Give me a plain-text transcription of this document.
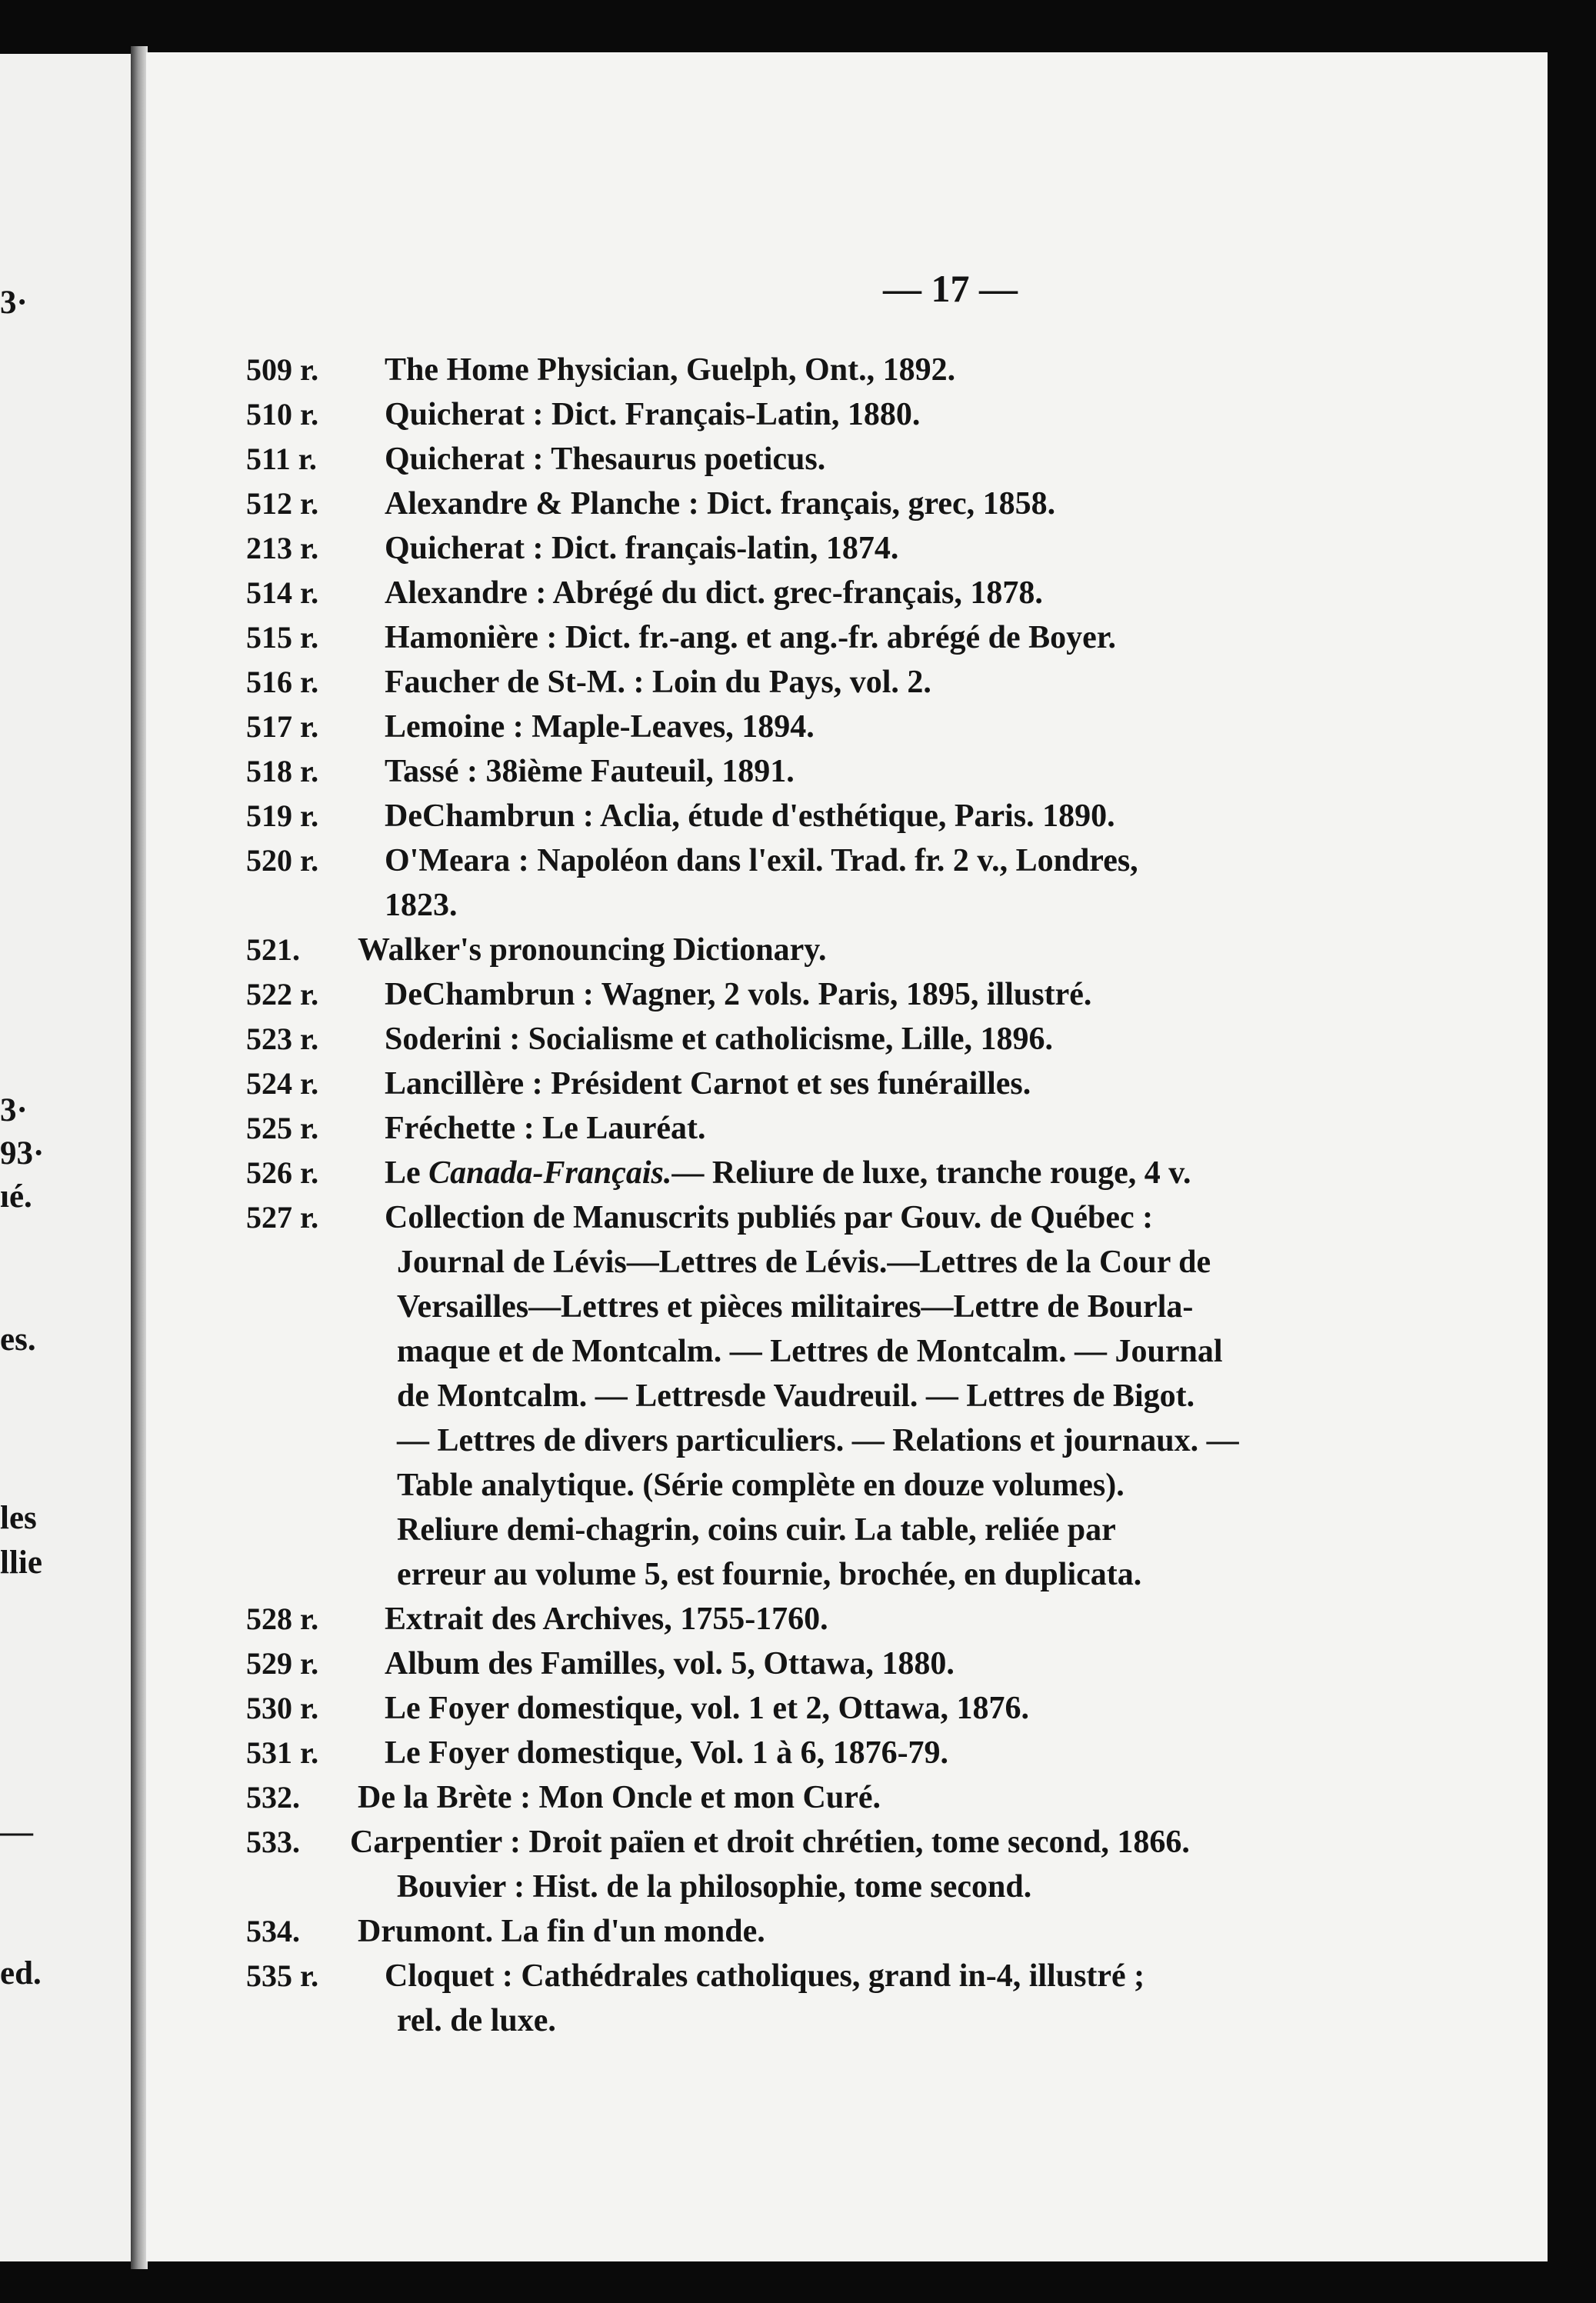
3·
3·
93·
ıé.
es.
les
llie
—
ed.
— 17 —
509 r. The Home Physician, Guelph, Ont., 1892.
510 r. Quicherat : Dict. Français-Latin, 1880.
511 r. Quicherat : Thesaurus poeticus.
512 r. Alexandre & Planche : Dict. français, grec, 1858.
213 r. Quicherat : Dict. français-latin, 1874.
514 r. Alexandre : Abrégé du dict. grec-français, 1878.
515 r. Hamonière : Dict. fr.-ang. et ang.-fr. abrégé de Boyer.
516 r. Faucher de St-M. : Loin du Pays, vol. 2.
517 r. Lemoine : Maple-Leaves, 1894.
518 r. Tassé : 38ième Fauteuil, 1891.
519 r. DeChambrun : Aclia, étude d'esthétique, Paris. 1890.
520 r. O'Meara : Napoléon dans l'exil. Trad. fr. 2 v., Londres,
1823.
521. Walker's pronouncing Dictionary.
522 r. DeChambrun : Wagner, 2 vols. Paris, 1895, illustré.
523 r. Soderini : Socialisme et catholicisme, Lille, 1896.
524 r. Lancillère : Président Carnot et ses funérailles.
525 r. Fréchette : Le Lauréat.
526 r. Le Canada-Français.— Reliure de luxe, tranche rouge, 4 v.
527 r. Collection de Manuscrits publiés par Gouv. de Québec :
Journal de Lévis—Lettres de Lévis.—Lettres de la Cour de
Versailles—Lettres et pièces militaires—Lettre de Bourla-
maque et de Montcalm. — Lettres de Montcalm. — Journal
de Montcalm. — Lettresde Vaudreuil. — Lettres de Bigot.
— Lettres de divers particuliers. — Relations et journaux. —
Table analytique. (Série complète en douze volumes).
Reliure demi-chagrin, coins cuir. La table, reliée par
erreur au volume 5, est fournie, brochée, en duplicata.
528 r. Extrait des Archives, 1755-1760.
529 r. Album des Familles, vol. 5, Ottawa, 1880.
530 r. Le Foyer domestique, vol. 1 et 2, Ottawa, 1876.
531 r. Le Foyer domestique, Vol. 1 à 6, 1876-79.
532. De la Brète : Mon Oncle et mon Curé.
533. Carpentier : Droit païen et droit chrétien, tome second, 1866.
Bouvier : Hist. de la philosophie, tome second.
534. Drumont. La fin d'un monde.
535 r. Cloquet : Cathédrales catholiques, grand in-4, illustré ;
rel. de luxe.
